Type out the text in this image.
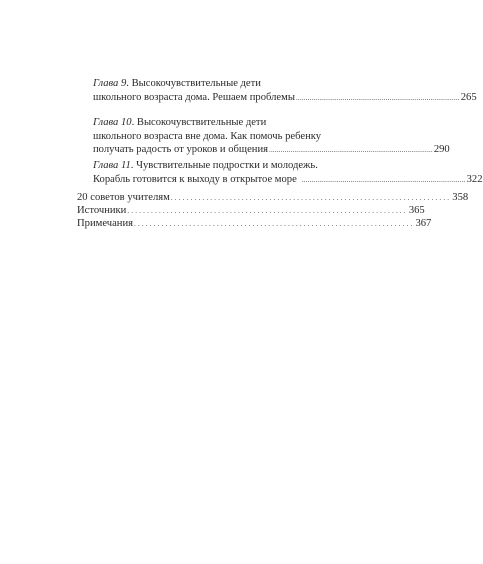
Глава 9. Высокочувствительные дети
школьного возраста дома. Решаем проблемы .................................................................................... 265
Глава 10. Высокочувствительные дети
школьного возраста вне дома. Как помочь ребенку
получать радость от уроков и общения .................................................................................... 290
Глава 11. Чувствительные подростки и молодежь.
Корабль готовится к выходу в открытое море .................................................................................... 322
20 советов учителям ....................................................................... 358
Источники ....................................................................... 365
Примечания ....................................................................... 367
